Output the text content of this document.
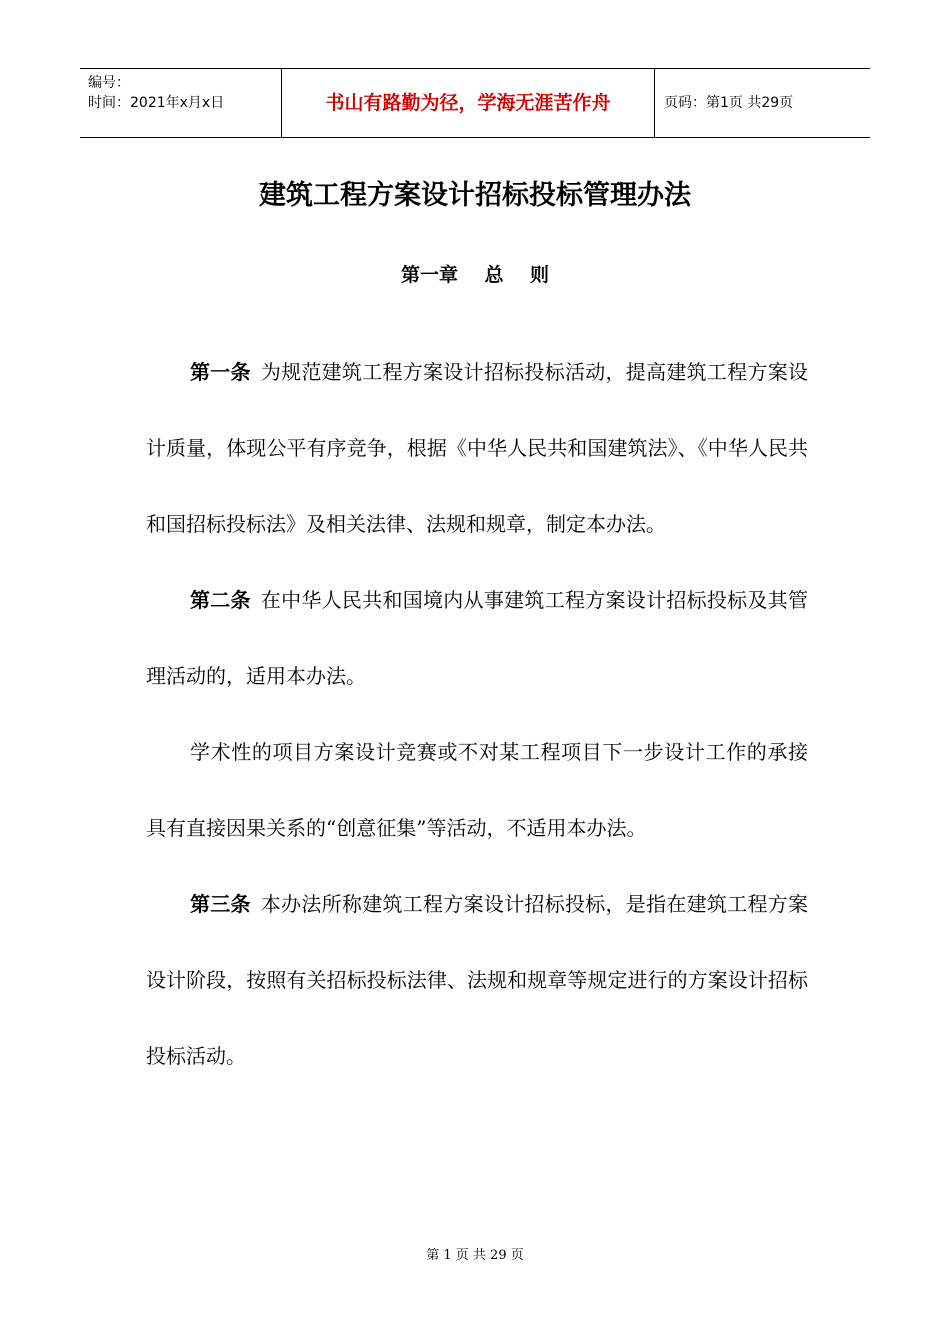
编号：
时间：2021年x月x日	书山有路勤为径，学海无涯苦作舟	页码：第1页 共29页
建筑工程方案设计招标投标管理办法
第一章    总    则

第一条 为规范建筑工程方案设计招标投标活动，提高建筑工程方案设计质量，体现公平有序竞争，根据《中华人民共和国建筑法》、《中华人民共和国招标投标法》及相关法律、法规和规章，制定本办法。

第二条 在中华人民共和国境内从事建筑工程方案设计招标投标及其管理活动的，适用本办法。

学术性的项目方案设计竞赛或不对某工程项目下一步设计工作的承接具有直接因果关系的“创意征集”等活动，不适用本办法。

第三条 本办法所称建筑工程方案设计招标投标，是指在建筑工程方案设计阶段，按照有关招标投标法律、法规和规章等规定进行的方案设计招标投标活动。

第 1 页 共 29 页
